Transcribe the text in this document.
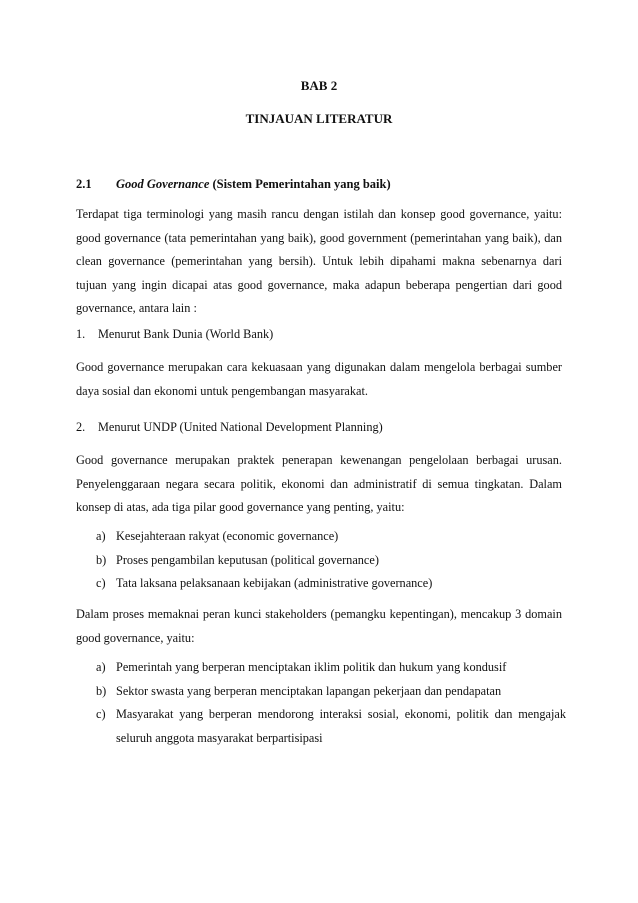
BAB 2
TINJAUAN LITERATUR
2.1 Good Governance (Sistem Pemerintahan yang baik)

Terdapat tiga terminologi yang masih rancu dengan istilah dan konsep good governance, yaitu: good governance (tata pemerintahan yang baik), good government (pemerintahan yang baik), dan clean governance (pemerintahan yang bersih). Untuk lebih dipahami makna sebenarnya dari tujuan yang ingin dicapai atas good governance, maka adapun beberapa pengertian dari good governance, antara lain :

1. Menurut Bank Dunia (World Bank)

Good governance merupakan cara kekuasaan yang digunakan dalam mengelola berbagai sumber daya sosial dan ekonomi untuk pengembangan masyarakat.

2. Menurut UNDP (United National Development Planning)

Good governance merupakan praktek penerapan kewenangan pengelolaan berbagai urusan. Penyelenggaraan negara secara politik, ekonomi dan administratif di semua tingkatan. Dalam konsep di atas, ada tiga pilar good governance yang penting, yaitu:

a) Kesejahteraan rakyat (economic governance)
b) Proses pengambilan keputusan (political governance)
c) Tata laksana pelaksanaan kebijakan (administrative governance)

Dalam proses memaknai peran kunci stakeholders (pemangku kepentingan), mencakup 3 domain good governance, yaitu:

a) Pemerintah yang berperan menciptakan iklim politik dan hukum yang kondusif
b) Sektor swasta yang berperan menciptakan lapangan pekerjaan dan pendapatan
c) Masyarakat yang berperan mendorong interaksi sosial, ekonomi, politik dan mengajak seluruh anggota masyarakat berpartisipasi
